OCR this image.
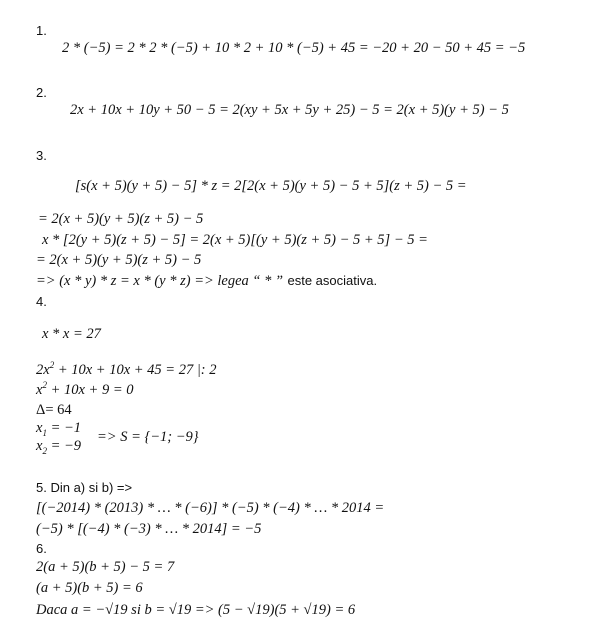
1.
2 * (−5) = 2 * 2 * (−5) + 10 * 2 + 10 * (−5) + 45 = −20 + 20 − 50 + 45 = −5
2.
2x + 10x + 10y + 50 − 5 = 2(xy + 5x + 5y + 25) − 5 = 2(x + 5)(y + 5) − 5
3.
[s(x + 5)(y + 5) − 5] * z = 2[2(x + 5)(y + 5) − 5 + 5](z + 5) − 5 =
= 2(x + 5)(y + 5)(z + 5) − 5
x * [2(y + 5)(z + 5) − 5] = 2(x + 5)[(y + 5)(z + 5) − 5 + 5] − 5 =
= 2(x + 5)(y + 5)(z + 5) − 5
=> (x * y) * z = x * (y * z) => legea “ * ” este asociativa.
4.
x * x = 27
$2x^2 + 10x + 10x + 45 = 27$ |: 2
$x^2 + 10x + 9 = 0$
Δ= 64
$x_1 = -1$
$x_2 = -9$
=> S = {−1; −9}
5. Din a) si b) =>
[(−2014) * (2013) * … * (−6)] * (−5) * (−4) * … * 2014 =
(−5) * [(−4) * (−3) * … * 2014] = −5
6.
2(a + 5)(b + 5) − 5 = 7
(a + 5)(b + 5) = 6
Daca a = −√19 si b = √19 => (5 − √19)(5 + √19) = 6
